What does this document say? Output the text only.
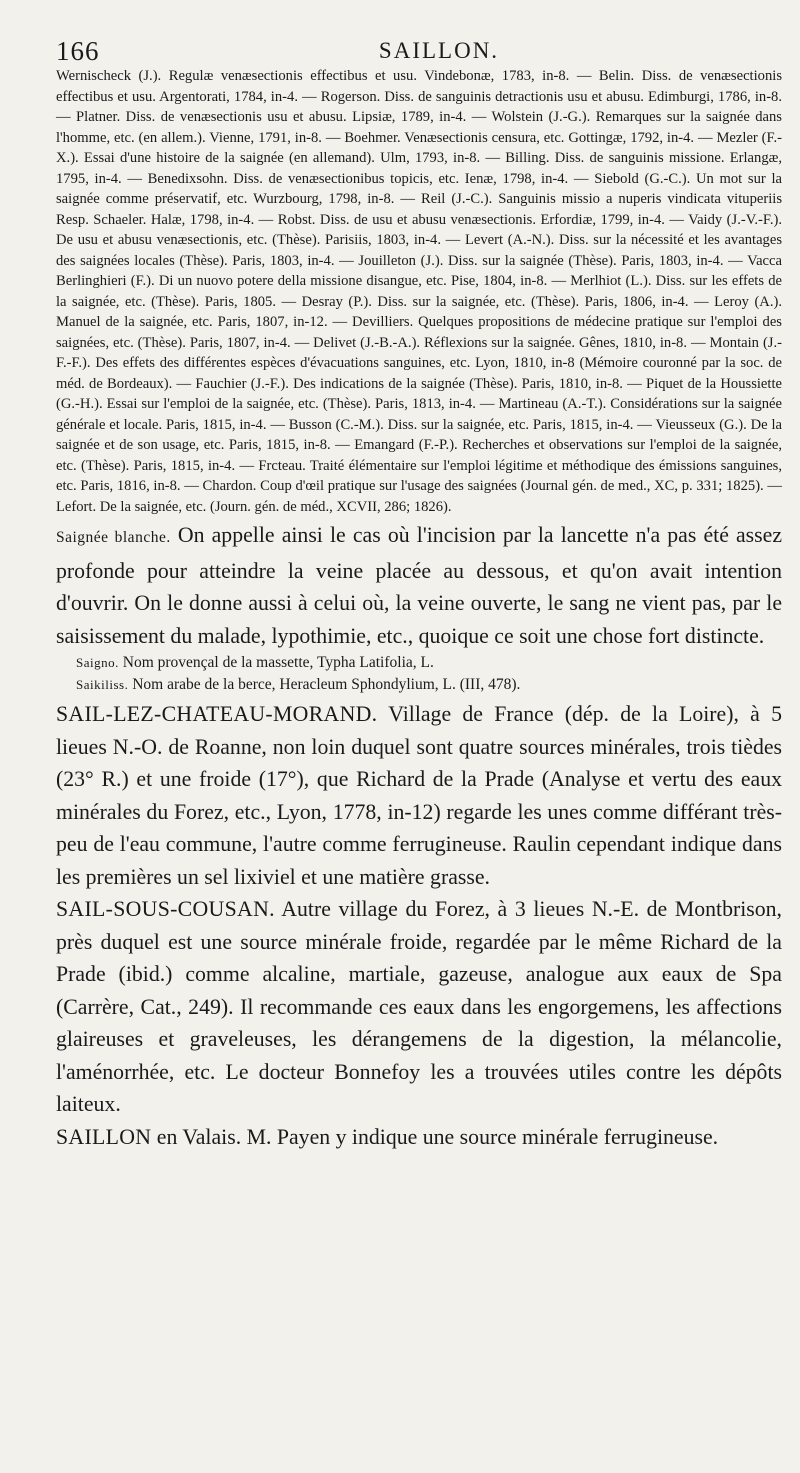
166	SAILLON.

Wernischeck (J.). Regulæ venæsectionis effectibus et usu. Vindebonæ, 1783, in-8. — Belin. Diss. de venæsectionis effectibus et usu. Argentorati, 1784, in-4. — Rogerson. Diss. de sanguinis detractionis usu et abusu. Edimburgi, 1786, in-8. — Platner. Diss. de venæsectionis usu et abusu. Lipsiæ, 1789, in-4. — Wolstein (J.-G.). Remarques sur la saignée dans l'homme, etc. (en allem.). Vienne, 1791, in-8. — Boehmer. Venæsectionis censura, etc. Gottingæ, 1792, in-4. — Mezler (F.-X.). Essai d'une histoire de la saignée (en allemand). Ulm, 1793, in-8. — Billing. Diss. de sanguinis missione. Erlangæ, 1795, in-4. — Benedixsohn. Diss. de venæsectionibus topicis, etc. Ienæ, 1798, in-4. — Siebold (G.-C.). Un mot sur la saignée comme préservatif, etc. Wurzbourg, 1798, in-8. — Reil (J.-C.). Sanguinis missio a nuperis vindicata vituperiis Resp. Schaeler. Halæ, 1798, in-4. — Robst. Diss. de usu et abusu venæsectionis. Erfordiæ, 1799, in-4. — Vaidy (J.-V.-F.). De usu et abusu venæsectionis, etc. (Thèse). Parisiis, 1803, in-4. — Levert (A.-N.). Diss. sur la nécessité et les avantages des saignées locales (Thèse). Paris, 1803, in-4. — Jouilleton (J.). Diss. sur la saignée (Thèse). Paris, 1803, in-4. — Vacca Berlinghieri (F.). Di un nuovo potere della missione disangue, etc. Pise, 1804, in-8. — Merlhiot (L.). Diss. sur les effets de la saignée, etc. (Thèse). Paris, 1805. — Desray (P.). Diss. sur la saignée, etc. (Thèse). Paris, 1806, in-4. — Leroy (A.). Manuel de la saignée, etc. Paris, 1807, in-12. — Devilliers. Quelques propositions de médecine pratique sur l'emploi des saignées, etc. (Thèse). Paris, 1807, in-4. — Delivet (J.-B.-A.). Réflexions sur la saignée. Gênes, 1810, in-8. — Montain (J.-F.-F.). Des effets des différentes espèces d'évacuations sanguines, etc. Lyon, 1810, in-8 (Mémoire couronné par la soc. de méd. de Bordeaux). — Fauchier (J.-F.). Des indications de la saignée (Thèse). Paris, 1810, in-8. — Piquet de la Houssiette (G.-H.). Essai sur l'emploi de la saignée, etc. (Thèse). Paris, 1813, in-4. — Martineau (A.-T.). Considérations sur la saignée générale et locale. Paris, 1815, in-4. — Busson (C.-M.). Diss. sur la saignée, etc. Paris, 1815, in-4. — Vieusseux (G.). De la saignée et de son usage, etc. Paris, 1815, in-8. — Emangard (F.-P.). Recherches et observations sur l'emploi de la saignée, etc. (Thèse). Paris, 1815, in-4. — Frcteau. Traité élémentaire sur l'emploi légitime et méthodique des émissions sanguines, etc. Paris, 1816, in-8. — Chardon. Coup d'œil pratique sur l'usage des saignées (Journal gén. de med., XC, p. 331; 1825). — Lefort. De la saignée, etc. (Journ. gén. de méd., XCVII, 286; 1826).

Saignée blanche. On appelle ainsi le cas où l'incision par la lancette n'a pas été assez profonde pour atteindre la veine placée au dessous, et qu'on avait intention d'ouvrir. On le donne aussi à celui où, la veine ouverte, le sang ne vient pas, par le saisissement du malade, lypothimie, etc., quoique ce soit une chose fort distincte.

Saigno. Nom provençal de la massette, Typha Latifolia, L.

Saikiliss. Nom arabe de la berce, Heracleum Sphondylium, L. (III, 478).

SAIL-LEZ-CHATEAU-MORAND. Village de France (dép. de la Loire), à 5 lieues N.-O. de Roanne, non loin duquel sont quatre sources minérales, trois tièdes (23° R.) et une froide (17°), que Richard de la Prade (Analyse et vertu des eaux minérales du Forez, etc., Lyon, 1778, in-12) regarde les unes comme différant très-peu de l'eau commune, l'autre comme ferrugineuse. Raulin cependant indique dans les premières un sel lixiviel et une matière grasse.

SAIL-SOUS-COUSAN. Autre village du Forez, à 3 lieues N.-E. de Montbrison, près duquel est une source minérale froide, regardée par le même Richard de la Prade (ibid.) comme alcaline, martiale, gazeuse, analogue aux eaux de Spa (Carrère, Cat., 249). Il recommande ces eaux dans les engorgemens, les affections glaireuses et graveleuses, les dérangemens de la digestion, la mélancolie, l'aménorrhée, etc. Le docteur Bonnefoy les a trouvées utiles contre les dépôts laiteux.

SAILLON en Valais. M. Payen y indique une source minérale ferrugineuse.
